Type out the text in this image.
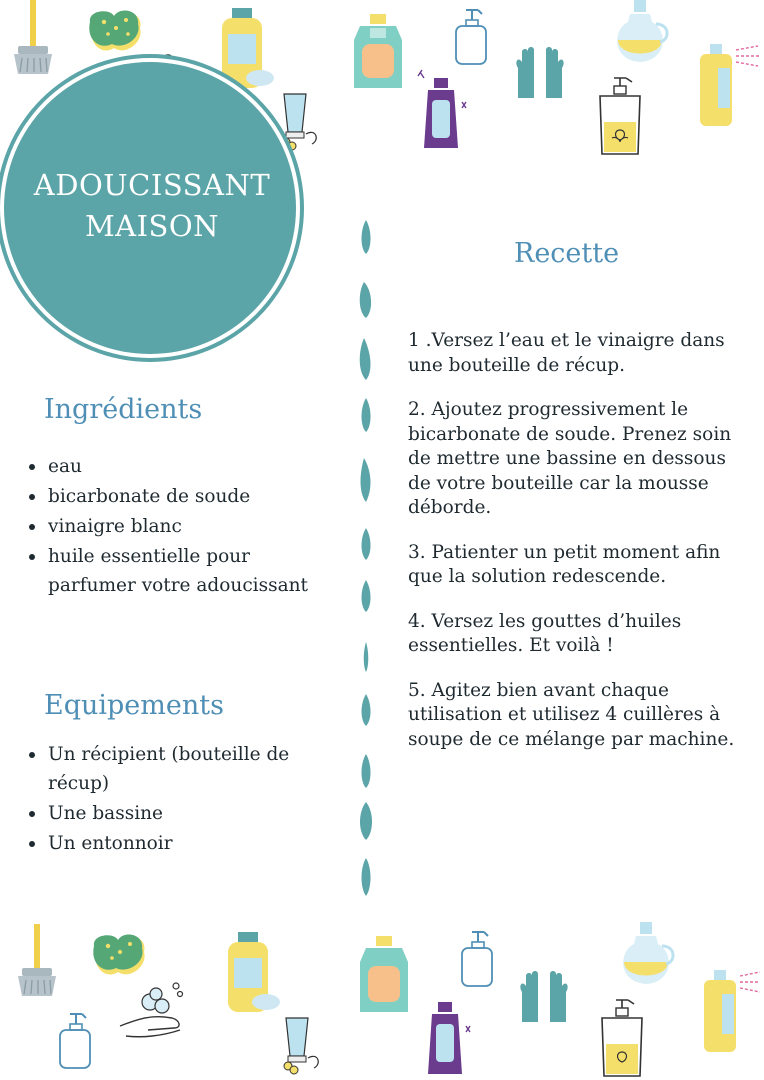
ADOUCISSANT
MAISON
Ingrédients
eau
bicarbonate de soude
vinaigre blanc
huile essentielle pour parfumer votre adoucissant
Equipements
Un récipient (bouteille de récup)
Une bassine
Un entonnoir
Recette

1 .Versez l’eau et le vinaigre dans une bouteille de récup.

2. Ajoutez progressivement le bicarbonate de soude. Prenez soin de mettre une bassine en dessous de votre bouteille car la mousse déborde.

3. Patienter un petit moment afin que la solution redescende.

4. Versez les gouttes d’huiles essentielles. Et voilà !

5. Agitez bien avant chaque utilisation et utilisez 4 cuillères à soupe de ce mélange par machine.
